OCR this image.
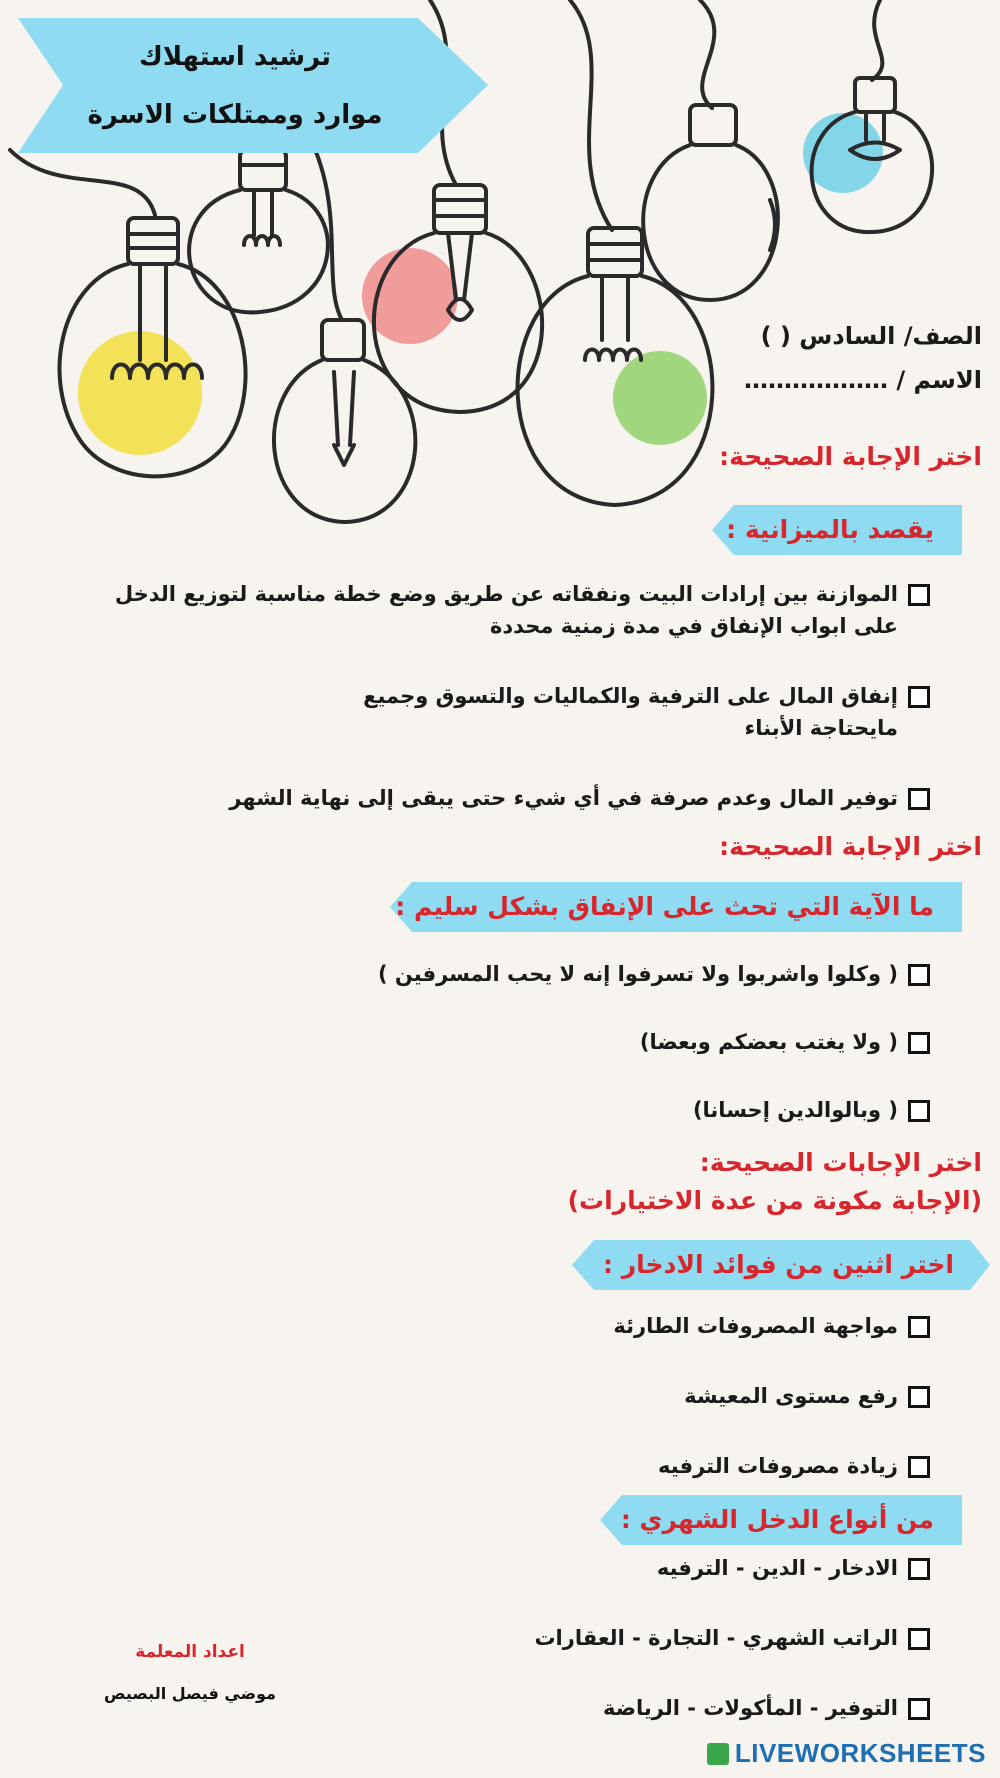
ترشيد استهلاك
موارد وممتلكات الاسرة
الصف/ السادس ( )
الاسم / ………………
اختر الإجابة الصحيحة:
يقصد بالميزانية :
الموازنة بين إرادات البيت ونفقاته عن طريق وضع خطة مناسبة لتوزيع الدخل على ابواب الإنفاق في مدة زمنية محددة
إنفاق المال على الترفية والكماليات والتسوق وجميع مايحتاجة الأبناء
توفير المال وعدم صرفة في أي شيء حتى يبقى إلى نهاية الشهر
اختر الإجابة الصحيحة:
ما الآية التي تحث على الإنفاق بشكل سليم :
( وكلوا واشربوا ولا تسرفوا إنه لا يحب المسرفين )
( ولا يغتب بعضكم وبعضا)
( وبالوالدين إحسانا)
اختر الإجابات الصحيحة:
(الإجابة مكونة من عدة الاختيارات)
اختر اثنين من فوائد الادخار :
مواجهة المصروفات الطارئة
رفع مستوى المعيشة
زيادة مصروفات الترفيه
من أنواع الدخل الشهري :
الادخار - الدين - الترفيه
الراتب الشهري - التجارة - العقارات
التوفير - المأكولات - الرياضة
اعداد المعلمة
موضي فيصل البصيص
LIVEWORKSHEETS
